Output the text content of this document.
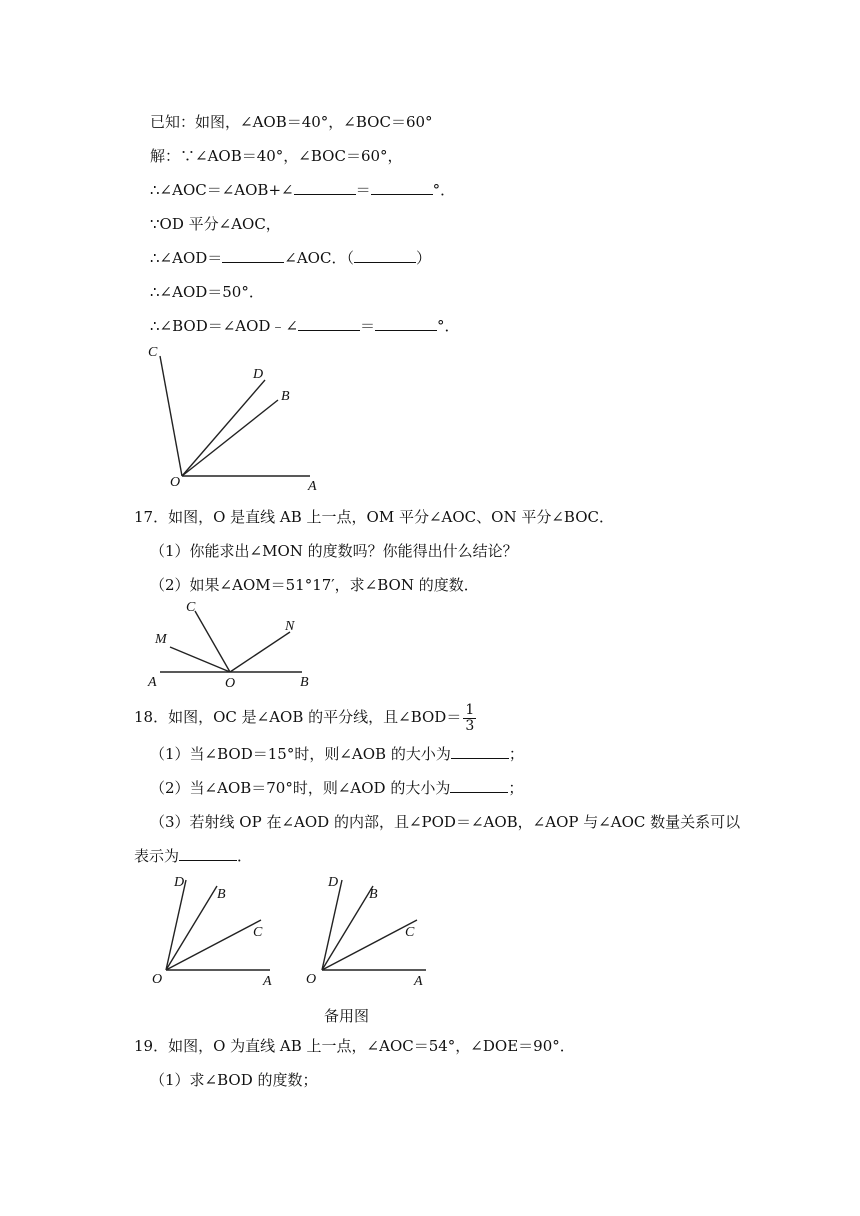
已知：如图，∠AOB＝40°，∠BOC＝60°
解：∵∠AOB＝40°，∠BOC＝60°，
∴∠AOC＝∠AOB+∠	＝	°．
∵OD 平分∠AOC，
∴∠AOD＝	∠AOC．（	）
∴∠AOD＝50°．
∴∠BOD＝∠AOD﹣∠	＝	°．
C
D
B
O	A
17．如图，O 是直线 AB 上一点，OM 平分∠AOC、ON 平分∠BOC．
（1）你能求出∠MON 的度数吗？你能得出什么结论？
（2）如果∠AOM＝51°17′，求∠BON 的度数．
C
M
N
A	O	B
18．如图，OC 是∠AOB 的平分线，且∠BOD＝ $\frac{1}{3}$
（1）当∠BOD＝15°时，则∠AOB 的大小为	；
（2）当∠AOB＝70°时，则∠AOD 的大小为	；
（3）若射线 OP 在∠AOD 的内部，且∠POD＝∠AOB，∠AOP 与∠AOC 数量关系可以
表示为	．
D
B
C
O	A
D
B
C
O	A
备用图
19．如图，O 为直线 AB 上一点，∠AOC＝54°，∠DOE＝90°．
（1）求∠BOD 的度数；
